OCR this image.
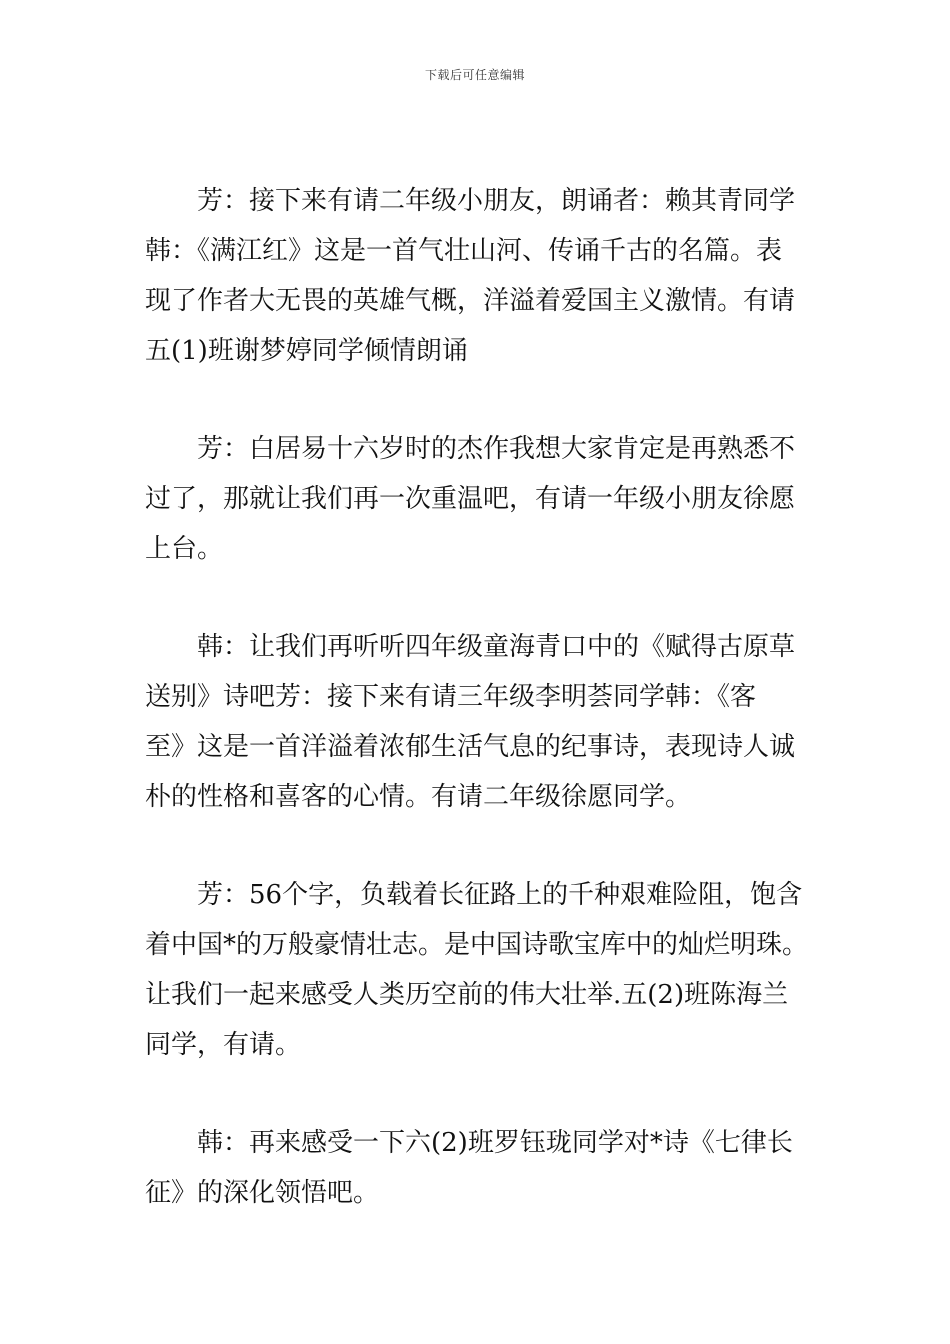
下载后可任意编辑

芳：接下来有请二年级小朋友，朗诵者：赖其青同学
韩：《满江红》这是一首气壮山河、传诵千古的名篇。表
现了作者大无畏的英雄气概，洋溢着爱国主义激情。有请
五(1)班谢梦婷同学倾情朗诵

芳：白居易十六岁时的杰作我想大家肯定是再熟悉不
过了，那就让我们再一次重温吧，有请一年级小朋友徐愿
上台。

韩：让我们再听听四年级童海青口中的《赋得古原草
送别》诗吧芳：接下来有请三年级李明荟同学韩：《客
至》这是一首洋溢着浓郁生活气息的纪事诗，表现诗人诚
朴的性格和喜客的心情。有请二年级徐愿同学。

芳：56个字，负载着长征路上的千种艰难险阻，饱含
着中国*的万般豪情壮志。是中国诗歌宝库中的灿烂明珠。
让我们一起来感受人类历空前的伟大壮举.五(2)班陈海兰
同学，有请。

韩：再来感受一下六(2)班罗钰珑同学对*诗《七律长
征》的深化领悟吧。
